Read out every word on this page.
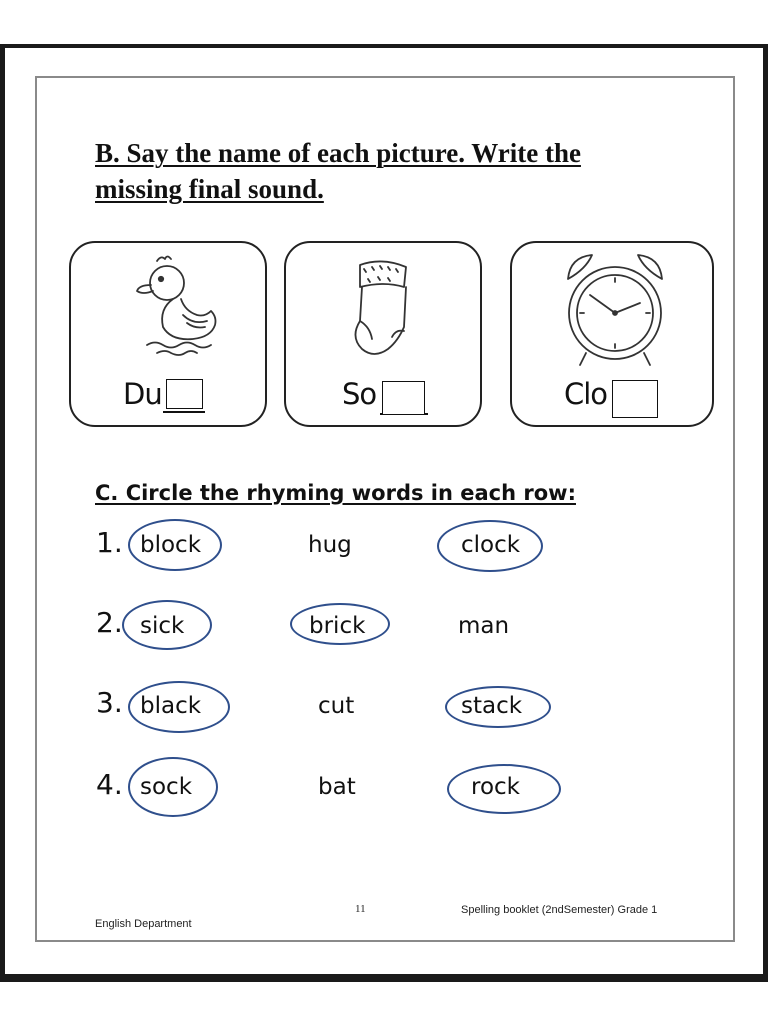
B. Say the name of each picture. Write the
missing final sound.
Du	So	Clo
C. Circle the rhyming words in each row:
1. block	hug	clock
2. sick	brick	man
3. black	cut	stack
4. sock	bat	rock
11	Spelling booklet (2ndSemester) Grade 1
English Department
